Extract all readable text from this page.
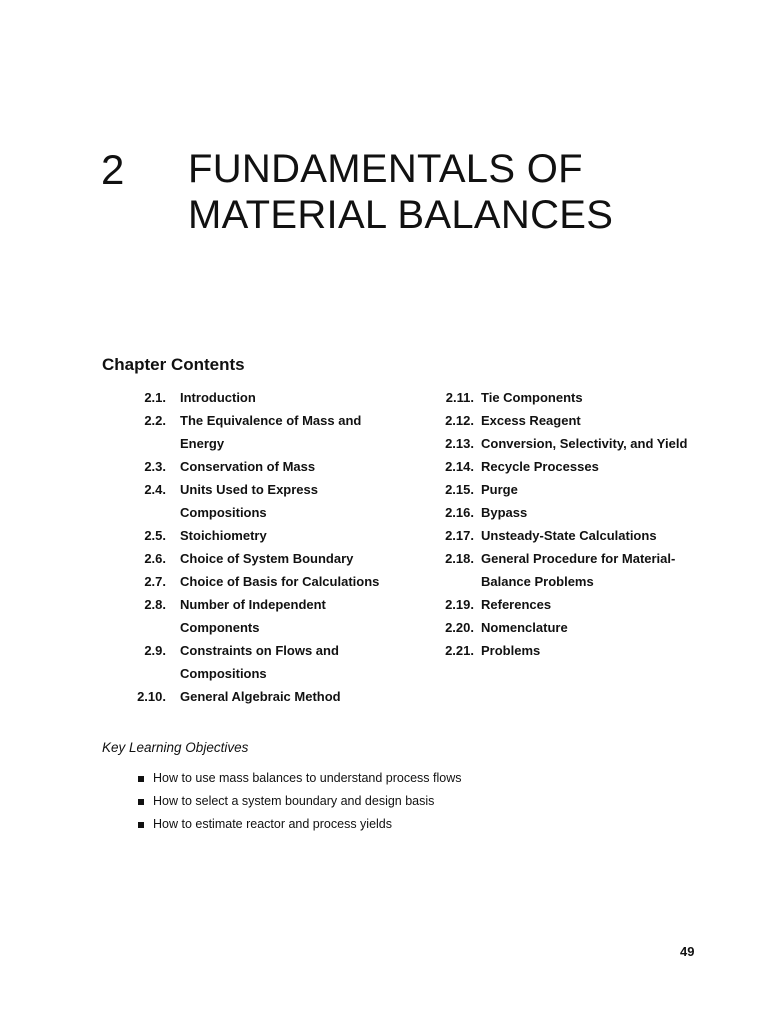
2 FUNDAMENTALS OF
MATERIAL BALANCES
Chapter Contents
2.1. Introduction
2.2. The Equivalence of Mass and
Energy
2.3. Conservation of Mass
2.4. Units Used to Express
Compositions
2.5. Stoichiometry
2.6. Choice of System Boundary
2.7. Choice of Basis for Calculations
2.8. Number of Independent
Components
2.9. Constraints on Flows and
Compositions
2.10. General Algebraic Method
2.11. Tie Components
2.12. Excess Reagent
2.13. Conversion, Selectivity, and Yield
2.14. Recycle Processes
2.15. Purge
2.16. Bypass
2.17. Unsteady-State Calculations
2.18. General Procedure for Material-
Balance Problems
2.19. References
2.20. Nomenclature
2.21. Problems
Key Learning Objectives
How to use mass balances to understand process flows
How to select a system boundary and design basis
How to estimate reactor and process yields
49
